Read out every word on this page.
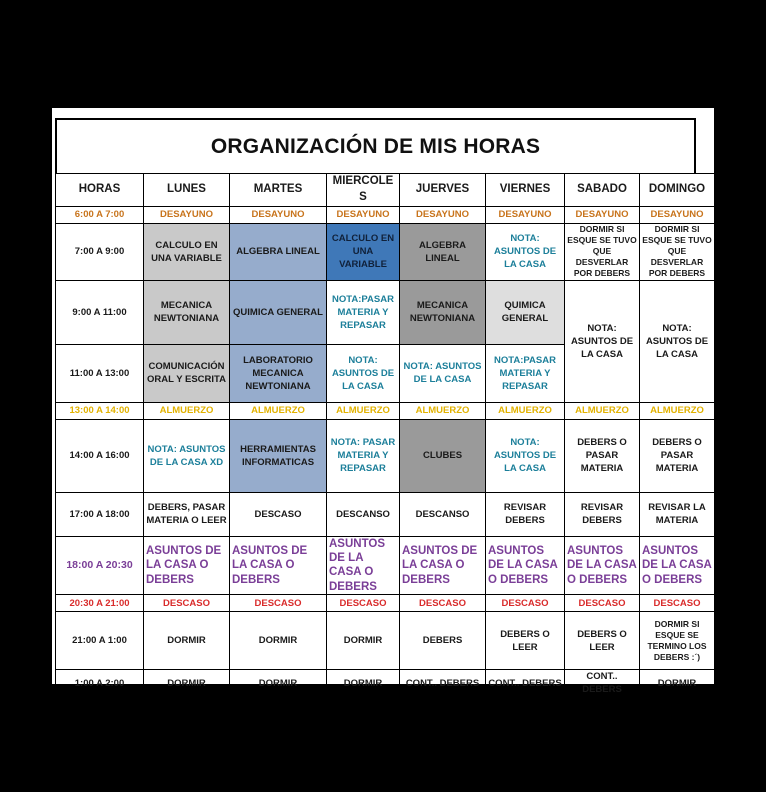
ORGANIZACIÓN DE MIS HORAS
HORAS	LUNES	MARTES	MIERCOLES	JUERVES	VIERNES	SABADO	DOMINGO
6:00 A 7:00	DESAYUNO	DESAYUNO	DESAYUNO	DESAYUNO	DESAYUNO	DESAYUNO	DESAYUNO
7:00 A 9:00	CALCULO EN UNA VARIABLE	ALGEBRA LINEAL	CALCULO EN UNA VARIABLE	ALGEBRA LINEAL	NOTA: ASUNTOS DE LA CASA	DORMIR SI ESQUE SE TUVO QUE DESVERLAR POR DEBERS	DORMIR SI ESQUE SE TUVO QUE DESVERLAR POR DEBERS
9:00 A 11:00	MECANICA NEWTONIANA	QUIMICA GENERAL	NOTA:PASAR MATERIA Y REPASAR	MECANICA NEWTONIANA	QUIMICA GENERAL	NOTA: ASUNTOS DE LA CASA	NOTA: ASUNTOS DE LA CASA
11:00 A 13:00	COMUNICACIÓN ORAL Y ESCRITA	LABORATORIO MECANICA NEWTONIANA	NOTA: ASUNTOS DE LA CASA	NOTA: ASUNTOS DE LA CASA	NOTA:PASAR MATERIA Y REPASAR		
13:00 A 14:00	ALMUERZO	ALMUERZO	ALMUERZO	ALMUERZO	ALMUERZO	ALMUERZO	ALMUERZO
14:00 A 16:00	NOTA: ASUNTOS DE LA CASA XD	HERRAMIENTAS INFORMATICAS	NOTA: PASAR MATERIA Y REPASAR	CLUBES	NOTA: ASUNTOS DE LA CASA	DEBERS O PASAR MATERIA	DEBERS O PASAR MATERIA
17:00 A 18:00	DEBERS, PASAR MATERIA O LEER	DESCASO	DESCANSO	DESCANSO	REVISAR DEBERS	REVISAR DEBERS	REVISAR LA MATERIA
18:00 A 20:30	ASUNTOS DE LA CASA O DEBERS	ASUNTOS DE LA CASA O DEBERS	ASUNTOS DE LA CASA O DEBERS	ASUNTOS DE LA CASA O DEBERS	ASUNTOS DE LA CASA O DEBERS	ASUNTOS DE LA CASA O DEBERS	ASUNTOS DE LA CASA O DEBERS
20:30 A 21:00	DESCASO	DESCASO	DESCASO	DESCASO	DESCASO	DESCASO	DESCASO
21:00 A 1:00	DORMIR	DORMIR	DORMIR	DEBERS	DEBERS O LEER	DEBERS O LEER	DORMIR SI ESQUE SE TERMINO LOS DEBERS :´)
1:00 A 2:00	DORMIR	DORMIR	DORMIR	CONT.. DEBERS	CONT.. DEBERS	CONT.. DEBERS	DORMIR
